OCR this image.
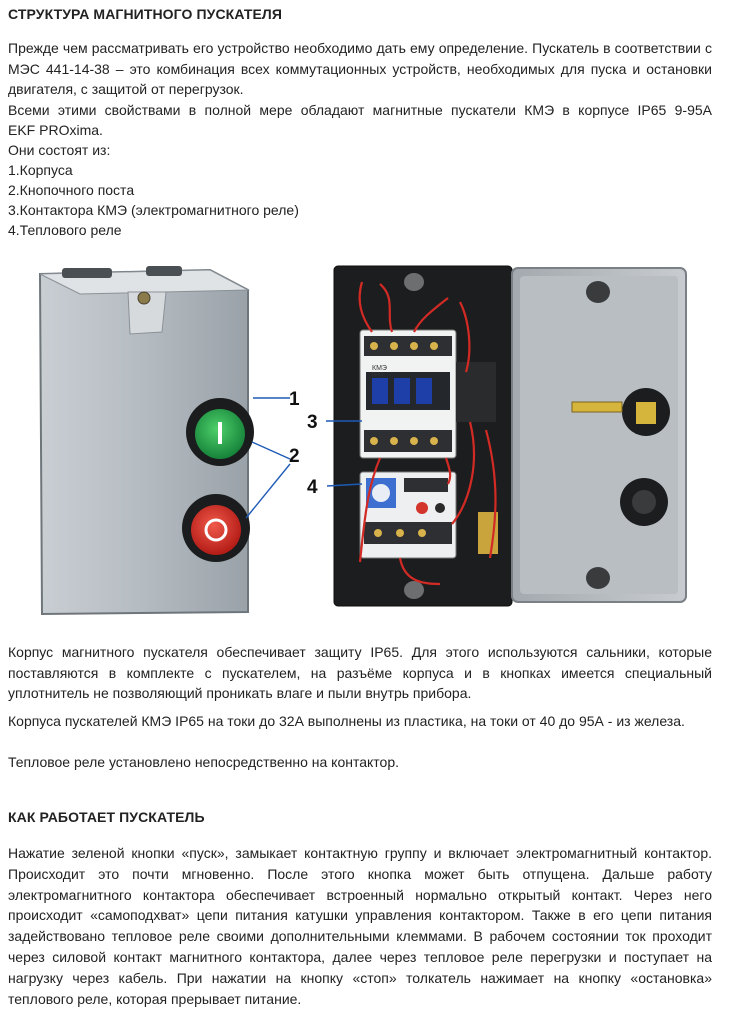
СТРУКТУРА МАГНИТНОГО ПУСКАТЕЛЯ
Прежде чем рассматривать его устройство необходимо дать ему определение. Пускатель в соответствии с МЭС 441-14-38 – это комбинация всех коммутационных устройств, необходимых для пуска и остановки двигателя, с защитой от перегрузок.
Всеми этими свойствами в полной мере обладают магнитные пускатели КМЭ в корпусе IP65 9-95А
EKF PROxima.
Они состоят из:
1.Корпуса
2.Кнопочного поста
3.Контактора КМЭ (электромагнитного реле)
4.Теплового реле
КМЭ
0910
1
2
3
4
Корпус магнитного пускателя обеспечивает защиту IP65. Для этого используются сальники, которые поставляются в комплекте с пускателем, на разъёме корпуса и в кнопках имеется специальный уплотнитель не позволяющий проникать влаге и пыли внутрь прибора.
Корпуса пускателей КМЭ IP65 на токи до 32А выполнены из пластика, на токи от 40 до 95А - из железа.
Тепловое реле установлено непосредственно на контактор.
КАК РАБОТАЕТ ПУСКАТЕЛЬ
Нажатие зеленой кнопки «пуск», замыкает контактную группу и включает электромагнитный контактор. Происходит это почти мгновенно. После этого кнопка может быть отпущена. Дальше работу электромагнитного контактора обеспечивает встроенный нормально открытый контакт. Через него происходит «самоподхват» цепи питания катушки управления контактором. Также в его цепи питания задействовано тепловое реле своими дополнительными клеммами. В рабочем состоянии ток проходит через силовой контакт магнитного контактора, далее через тепловое реле перегрузки и поступает на нагрузку через кабель. При нажатии на кнопку «стоп» толкатель нажимает на кнопку «остановка» теплового реле, которая прерывает питание.
